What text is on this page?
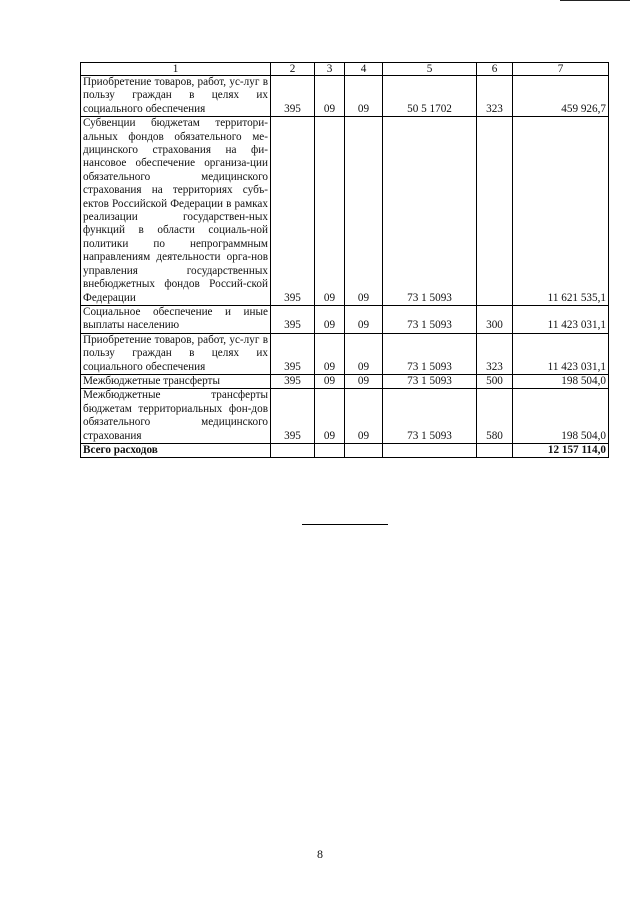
1	2	3	4	5	6	7
Приобретение товаров, работ, ус-луг в пользу граждан в целях их социального обеспечения	395	09	09	50 5 1702	323	459 926,7
Субвенции бюджетам территори-альных фондов обязательного ме-дицинского страхования на фи-нансовое обеспечение организа-ции обязательного медицинского страхования на территориях субъ-ектов Российской Федерации в рамках реализации государствен-ных функций в области социаль-ной политики по непрограммным направлениям деятельности орга-нов управления государственных внебюджетных фондов Россий-ской Федерации	395	09	09	73 1 5093		11 621 535,1
Социальное обеспечение и иные выплаты населению	395	09	09	73 1 5093	300	11 423 031,1
Приобретение товаров, работ, ус-луг в пользу граждан в целях их социального обеспечения	395	09	09	73 1 5093	323	11 423 031,1
Межбюджетные трансферты	395	09	09	73 1 5093	500	198 504,0
Межбюджетные трансферты бюджетам территориальных фон-дов обязательного медицинского страхования	395	09	09	73 1 5093	580	198 504,0
Всего расходов						12 157 114,0
8
